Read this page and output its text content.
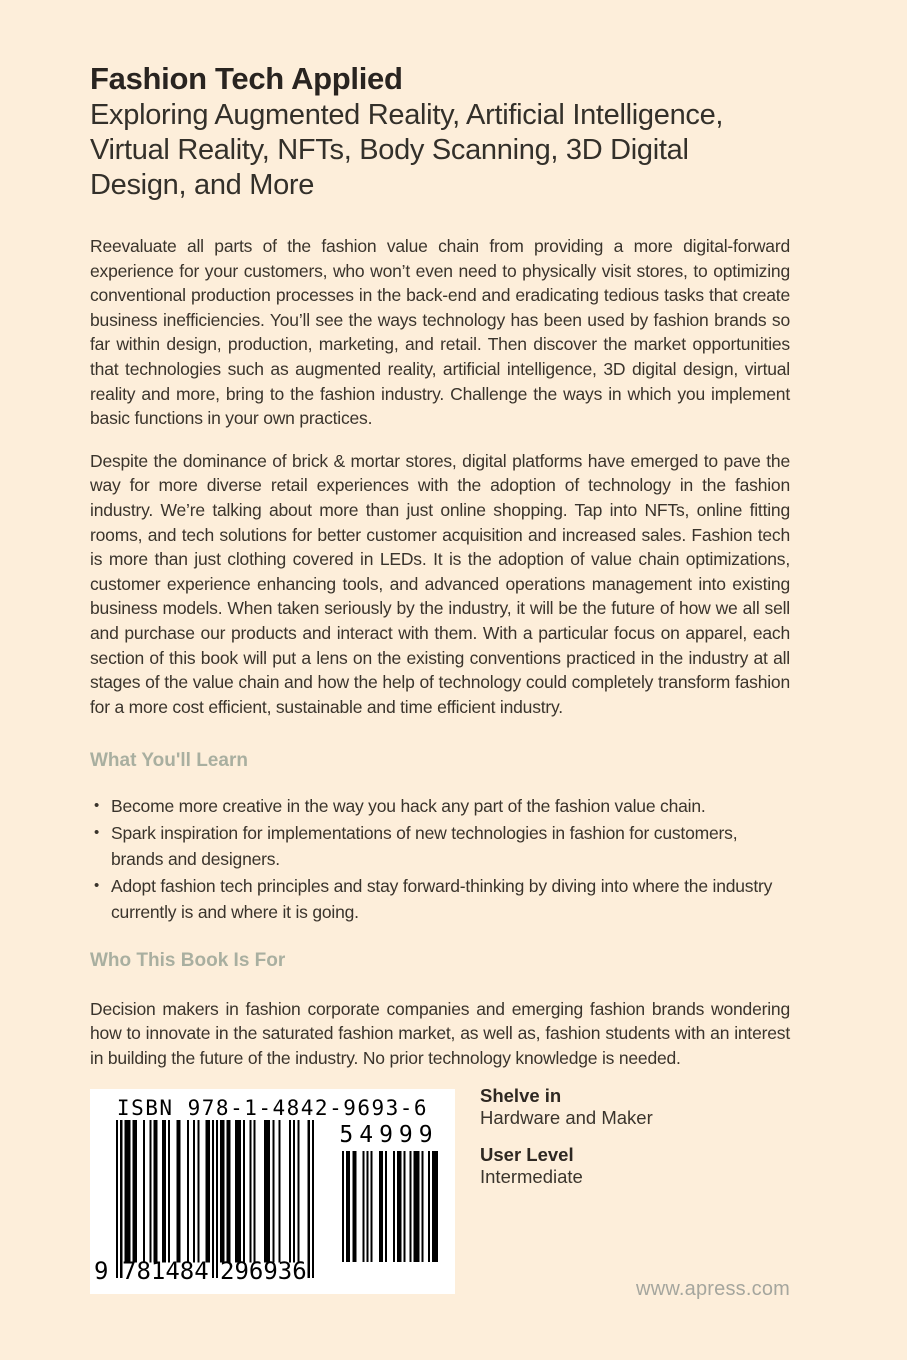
Fashion Tech Applied
Exploring Augmented Reality, Artificial Intelligence, Virtual Reality, NFTs, Body Scanning, 3D Digital Design, and More

Reevaluate all parts of the fashion value chain from providing a more digital-forward experience for your customers, who won’t even need to physically visit stores, to optimizing conventional production processes in the back-end and eradicating tedious tasks that create business inefficiencies. You’ll see the ways technology has been used by fashion brands so far within design, production, marketing, and retail. Then discover the market opportunities that technologies such as augmented reality, artificial intelligence, 3D digital design, virtual reality and more, bring to the fashion industry. Challenge the ways in which you implement basic functions in your own practices.

Despite the dominance of brick & mortar stores, digital platforms have emerged to pave the way for more diverse retail experiences with the adoption of technology in the fashion industry. We’re talking about more than just online shopping. Tap into NFTs, online fitting rooms, and tech solutions for better customer acquisition and increased sales. Fashion tech is more than just clothing covered in LEDs. It is the adoption of value chain optimizations, customer experience enhancing tools, and advanced operations management into existing business models. When taken seriously by the industry, it will be the future of how we all sell and purchase our products and interact with them. With a particular focus on apparel, each section of this book will put a lens on the existing conventions practiced in the industry at all stages of the value chain and how the help of technology could completely transform fashion for a more cost efficient, sustainable and time efficient industry.

What You'll Learn
• Become more creative in the way you hack any part of the fashion value chain.
• Spark inspiration for implementations of new technologies in fashion for customers, brands and designers.
• Adopt fashion tech principles and stay forward-thinking by diving into where the industry currently is and where it is going.
Who This Book Is For

Decision makers in fashion corporate companies and emerging fashion brands wondering how to innovate in the saturated fashion market, as well as, fashion students with an interest in building the future of the industry. No prior technology knowledge is needed.

ISBN 978-1-4842-9693-6
54999
9 781484 296936
Shelve in
Hardware and Maker
User Level
Intermediate
www.apress.com
